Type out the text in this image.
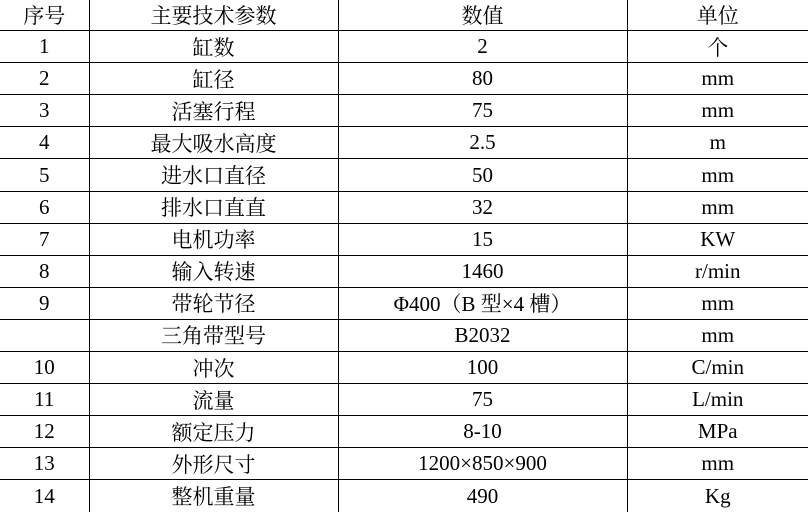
序号	主要技术参数	数值	单位
1	缸数	2	个
2	缸径	80	mm
3	活塞行程	75	mm
4	最大吸水高度	2.5	m
5	进水口直径	50	mm
6	排水口直直	32	mm
7	电机功率	15	KW
8	输入转速	1460	r/min
9	带轮节径	Φ400（B 型×4 槽）	mm
	三角带型号	B2032	mm
10	冲次	100	C/min
11	流量	75	L/min
12	额定压力	8-10	MPa
13	外形尺寸	1200×850×900	mm
14	整机重量	490	Kg
